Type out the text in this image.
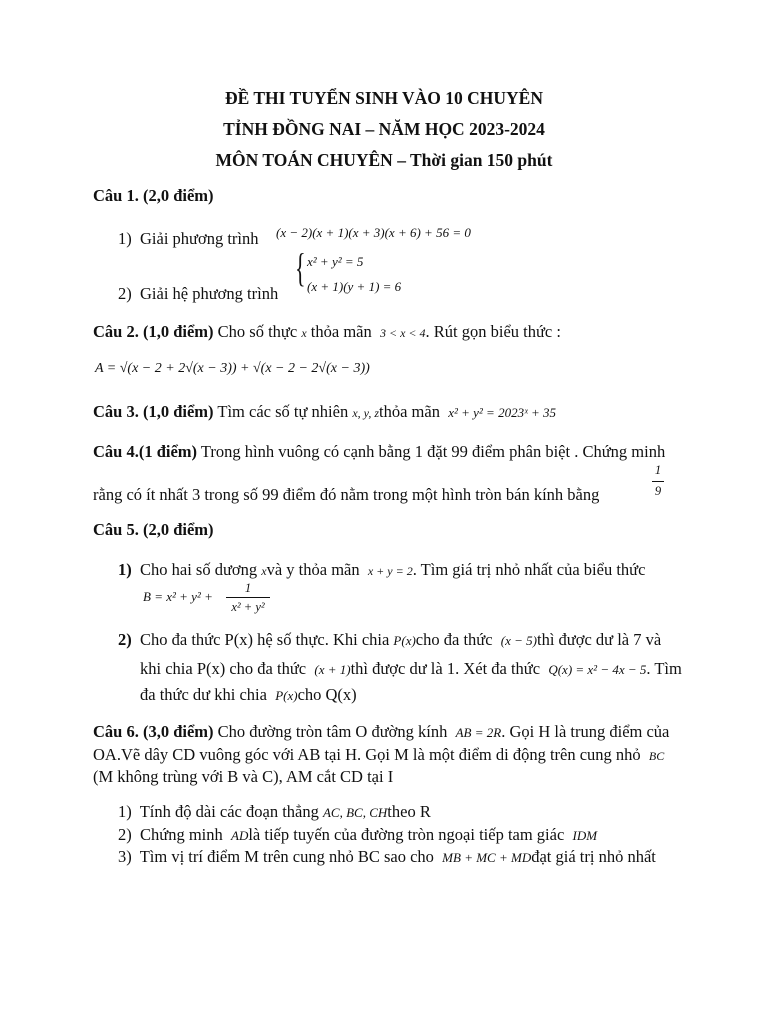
ĐỀ THI TUYỂN SINH VÀO 10 CHUYÊN
TỈNH ĐỒNG NAI – NĂM HỌC 2023-2024
MÔN TOÁN CHUYÊN – Thời gian 150 phút
Câu 1. (2,0 điểm)
1) Giải phương trình (x − 2)(x + 1)(x + 3)(x + 6) + 56 = 0
{ x² + y² = 5
(x + 1)(y + 1) = 6
2) Giải hệ phương trình
Câu 2. (1,0 điểm) Cho số thực x thỏa mãn 3 < x < 4. Rút gọn biểu thức :
A = √(x − 2 + 2√(x − 3)) + √(x − 2 − 2√(x − 3))
Câu 3. (1,0 điểm) Tìm các số tự nhiên x, y, zthỏa mãn x² + y² = 2023ˣ + 35
Câu 4.(1 điểm) Trong hình vuông có cạnh bằng 1 đặt 99 điểm phân biệt . Chứng minh
rằng có ít nhất 3 trong số 99 điểm đó nằm trong một hình tròn bán kính bằng
1
9
Câu 5. (2,0 điểm)
1) Cho hai số dương xvà y thỏa mãn x + y = 2. Tìm giá trị nhỏ nhất của biểu thức
B = x² + y² +
1
x² + y²
2) Cho đa thức P(x) hệ số thực. Khi chia P(x)cho đa thức (x − 5)thì được dư là 7 và
khi chia P(x) cho đa thức (x + 1)thì được dư là 1. Xét đa thức Q(x) = x² − 4x − 5. Tìm
đa thức dư khi chia P(x)cho Q(x)
Câu 6. (3,0 điểm) Cho đường tròn tâm O đường kính AB = 2R. Gọi H là trung điểm của
OA.Vẽ dây CD vuông góc với AB tại H. Gọi M là một điểm di động trên cung nhỏ BC
(M không trùng với B và C), AM cắt CD tại I
1) Tính độ dài các đoạn thẳng AC, BC, CHtheo R
2) Chứng minh ADlà tiếp tuyến của đường tròn ngoại tiếp tam giác IDM
3) Tìm vị trí điểm M trên cung nhỏ BC sao cho MB + MC + MDđạt giá trị nhỏ nhất
